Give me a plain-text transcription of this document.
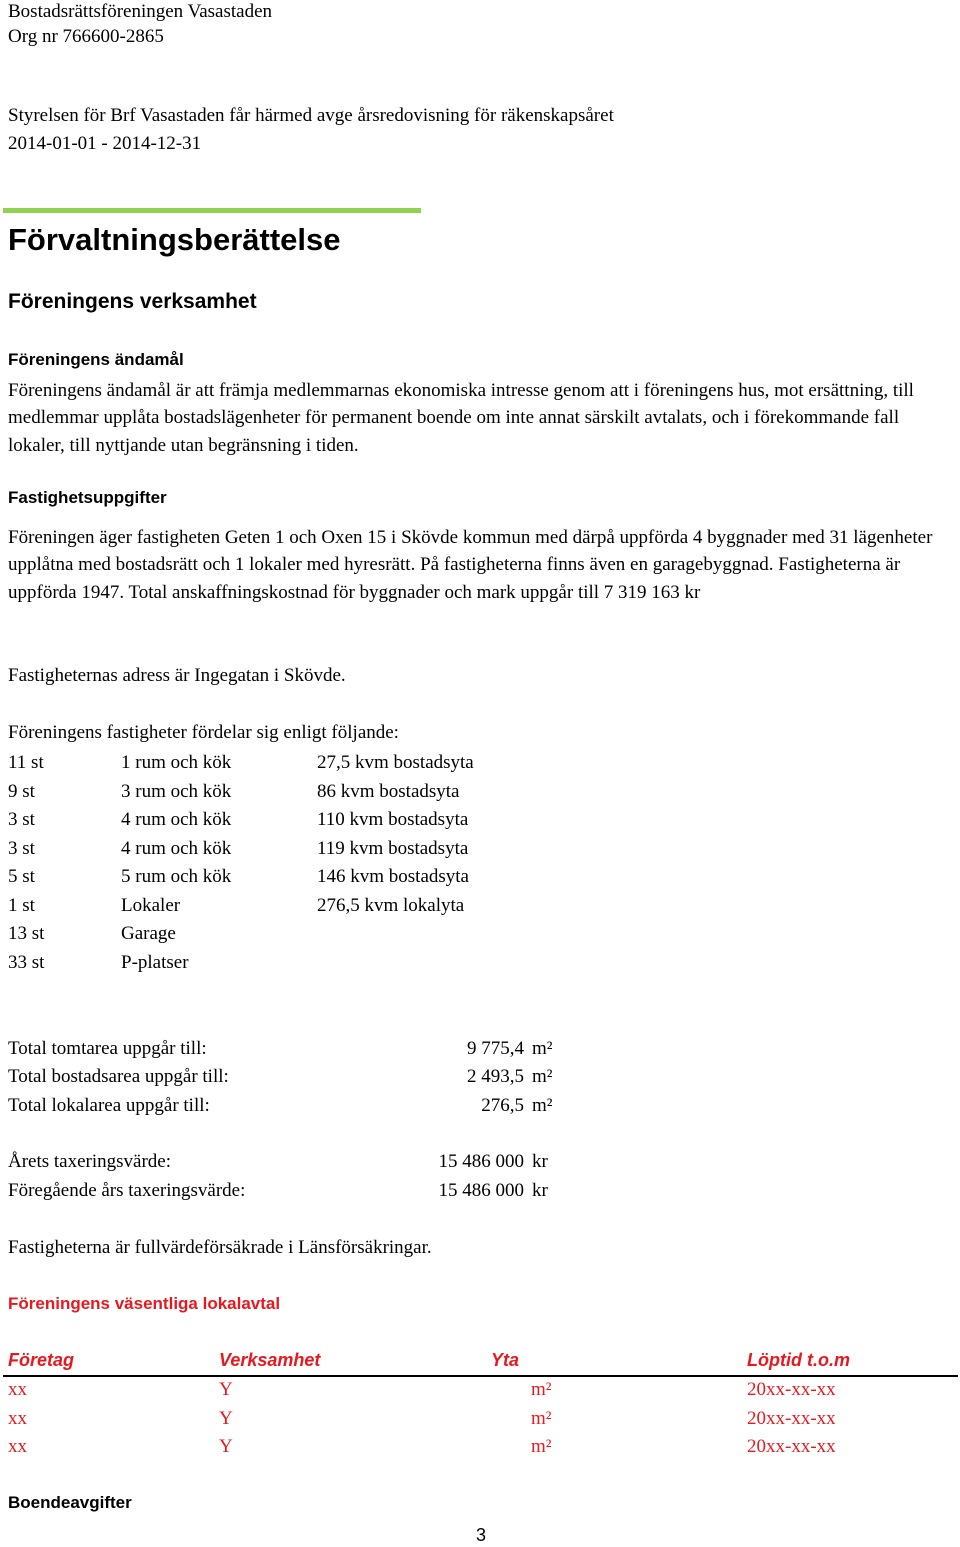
Bostadsrättsföreningen Vasastaden
Org nr 766600-2865
Styrelsen för Brf Vasastaden får härmed avge årsredovisning för räkenskapsåret
2014-01-01 - 2014-12-31
Förvaltningsberättelse
Föreningens verksamhet
Föreningens ändamål
Föreningens ändamål är att främja medlemmarnas ekonomiska intresse genom att i föreningens hus, mot ersättning, till medlemmar upplåta bostadslägenheter för permanent boende om inte annat särskilt avtalats, och i förekommande fall lokaler, till nyttjande utan begränsning i tiden.
Fastighetsuppgifter
Föreningen äger fastigheten Geten 1 och Oxen 15 i Skövde kommun med därpå uppförda 4 byggnader med 31 lägenheter upplåtna med bostadsrätt och 1 lokaler med hyresrätt. På fastigheterna finns även en garagebyggnad. Fastigheterna är uppförda 1947. Total anskaffningskostnad för byggnader och mark uppgår till 7 319 163 kr
Fastigheternas adress är Ingegatan i Skövde.
Föreningens fastigheter fördelar sig enligt följande:
11 st	1 rum och kök	27,5 kvm bostadsyta
9 st	3 rum och kök	86 kvm bostadsyta
3 st	4 rum och kök	110 kvm bostadsyta
3 st	4 rum och kök	119 kvm bostadsyta
5 st	5 rum och kök	146 kvm bostadsyta
1 st	Lokaler	276,5 kvm lokalyta
13 st	Garage
33 st	P-platser
Total tomtarea uppgår till:	9 775,4 m²
Total bostadsarea uppgår till:	2 493,5 m²
Total lokalarea uppgår till:	276,5 m²
Årets taxeringsvärde:	15 486 000 kr
Föregående års taxeringsvärde:	15 486 000 kr
Fastigheterna är fullvärdeförsäkrade i Länsförsäkringar.
Föreningens väsentliga lokalavtal
Företag	Verksamhet	Yta	Löptid t.o.m
xx	Y	m²	20xx-xx-xx
xx	Y	m²	20xx-xx-xx
xx	Y	m²	20xx-xx-xx
Boendeavgifter
3
